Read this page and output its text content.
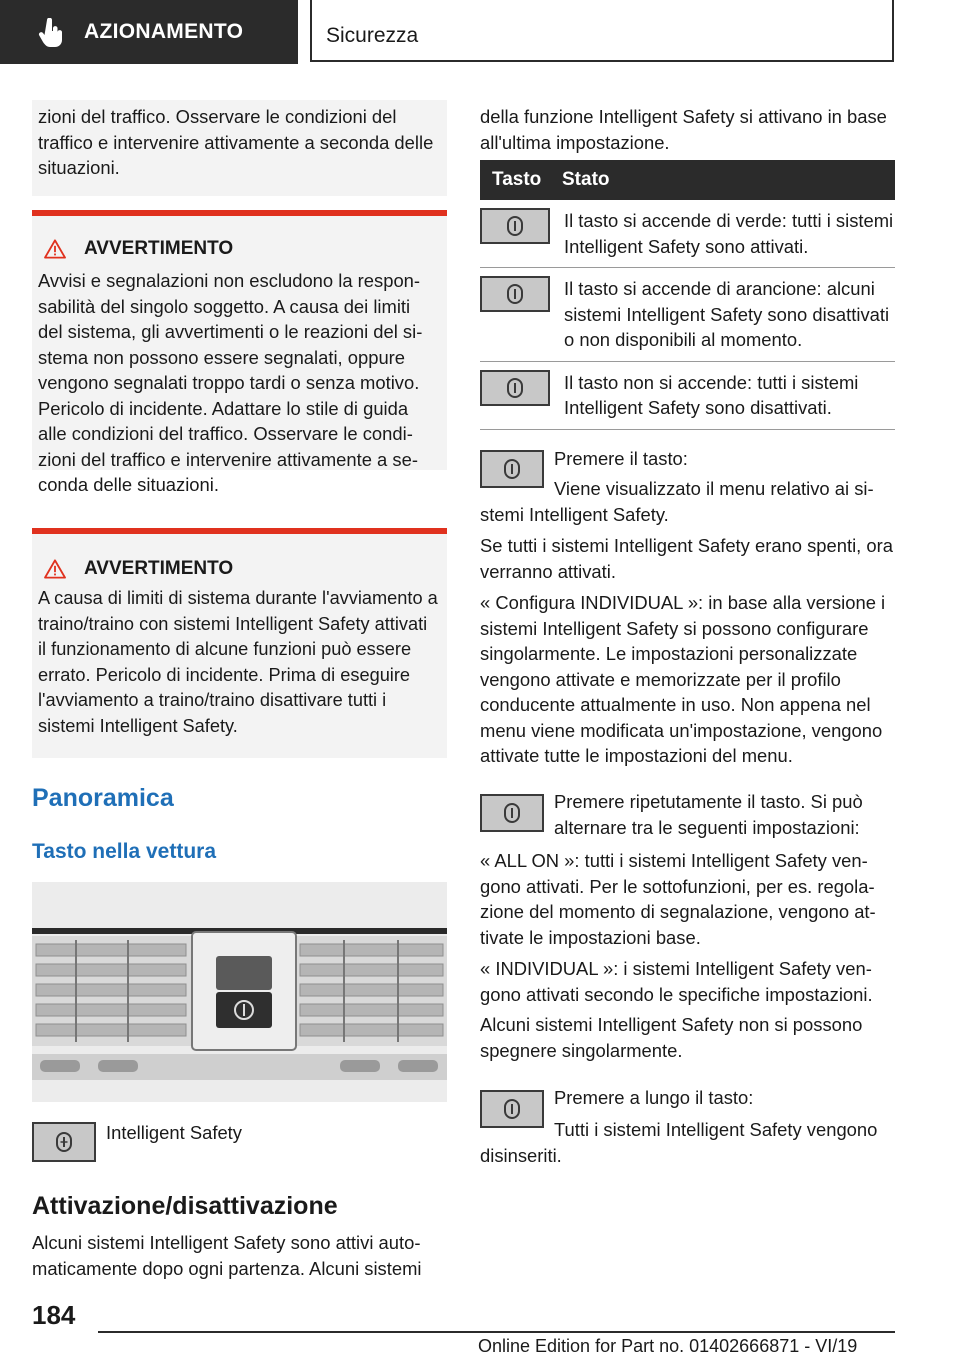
AZIONAMENTO	Sicurezza

zioni del traffico. Osservare le condizioni del traffico e intervenire attivamente a seconda delle situazioni.

AVVERTIMENTO

Avvisi e segnalazioni non escludono la responsabilità del singolo soggetto. A causa dei limiti del sistema, gli avvertimenti o le reazioni del sistema non possono essere segnalati, oppure vengono segnalati troppo tardi o senza motivo. Pericolo di incidente. Adattare lo stile di guida alle condizioni del traffico. Osservare le condizioni del traffico e intervenire attivamente a seconda delle situazioni.

AVVERTIMENTO

A causa di limiti di sistema durante l'avviamento a traino/traino con sistemi Intelligent Safety attivati il funzionamento di alcune funzioni può essere errato. Pericolo di incidente. Prima di eseguire l'avviamento a traino/traino disattivare tutti i sistemi Intelligent Safety.

Panoramica
Tasto nella vettura
Intelligent Safety
Attivazione/disattivazione

Alcuni sistemi Intelligent Safety sono attivi automaticamente dopo ogni partenza. Alcuni sistemi

della funzione Intelligent Safety si attivano in base all'ultima impostazione.

Tasto	Stato

	Il tasto si accende di verde: tutti i sistemi Intelligent Safety sono attivati.

	Il tasto si accende di arancione: alcuni sistemi Intelligent Safety sono disattivati o non disponibili al momento.

	Il tasto non si accende: tutti i sistemi Intelligent Safety sono disattivati.
Premere il tasto:

Viene visualizzato il menu relativo ai sistemi Intelligent Safety.

Se tutti i sistemi Intelligent Safety erano spenti, ora verranno attivati.

« Configura INDIVIDUAL »: in base alla versione i sistemi Intelligent Safety si possono configurare singolarmente. Le impostazioni personalizzate vengono attivate e memorizzate per il profilo conducente attualmente in uso. Non appena nel menu viene modificata un'impostazione, vengono attivate tutte le impostazioni del menu.

Premere ripetutamente il tasto. Si può alternare tra le seguenti impostazioni:

« ALL ON »: tutti i sistemi Intelligent Safety vengono attivati. Per le sottofunzioni, per es. regolazione del momento di segnalazione, vengono attivate le impostazioni base.

« INDIVIDUAL »: i sistemi Intelligent Safety vengono attivati secondo le specifiche impostazioni.

Alcuni sistemi Intelligent Safety non si possono spegnere singolarmente.

Premere a lungo il tasto:

Tutti i sistemi Intelligent Safety vengono disinseriti.

184
Online Edition for Part no. 01402666871 - VI/19
